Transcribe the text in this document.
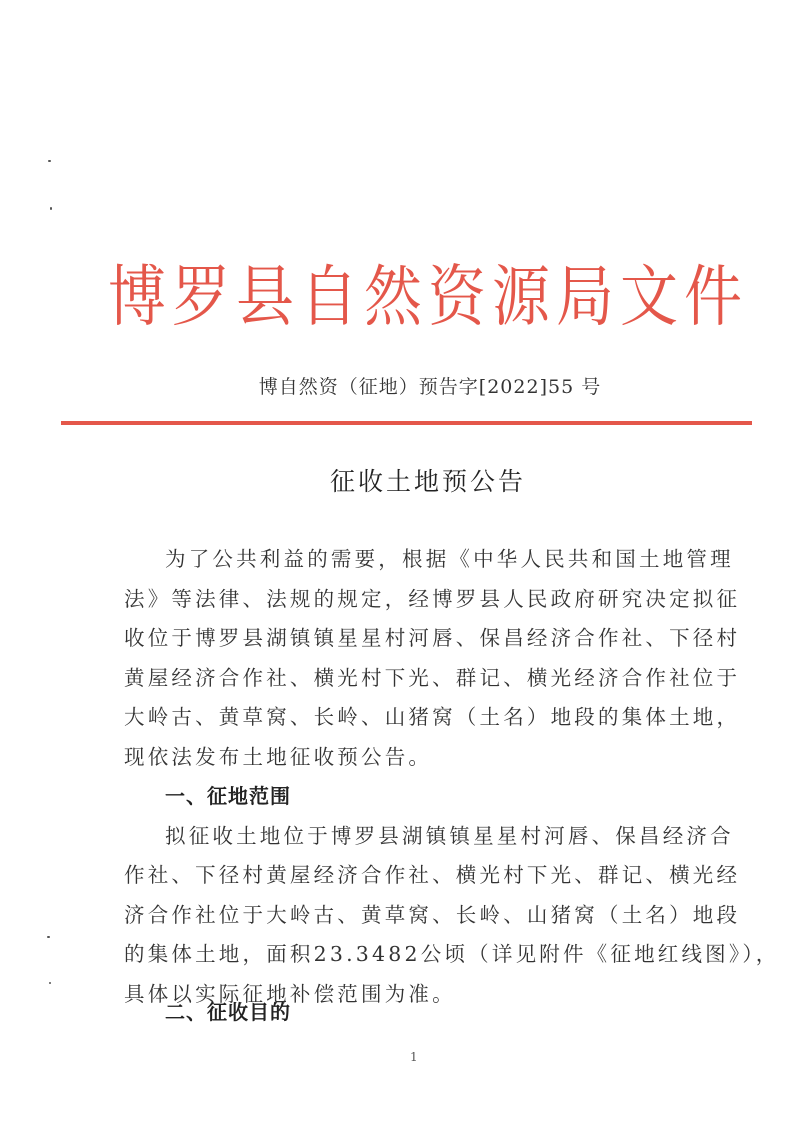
博罗县自然资源局文件
博自然资（征地）预告字[2022]55 号
征收土地预公告
为了公共利益的需要，根据《中华人民共和国土地管理
法》等法律、法规的规定，经博罗县人民政府研究决定拟征
收位于博罗县湖镇镇星星村河唇、保昌经济合作社、下径村
黄屋经济合作社、横光村下光、群记、横光经济合作社位于
大岭古、黄草窝、长岭、山猪窝（土名）地段的集体土地，
现依法发布土地征收预公告。
一、征地范围
拟征收土地位于博罗县湖镇镇星星村河唇、保昌经济合
作社、下径村黄屋经济合作社、横光村下光、群记、横光经
济合作社位于大岭古、黄草窝、长岭、山猪窝（土名）地段
的集体土地，面积23.3482公顷（详见附件《征地红线图》），
具体以实际征地补偿范围为准。
二、征收目的
1
